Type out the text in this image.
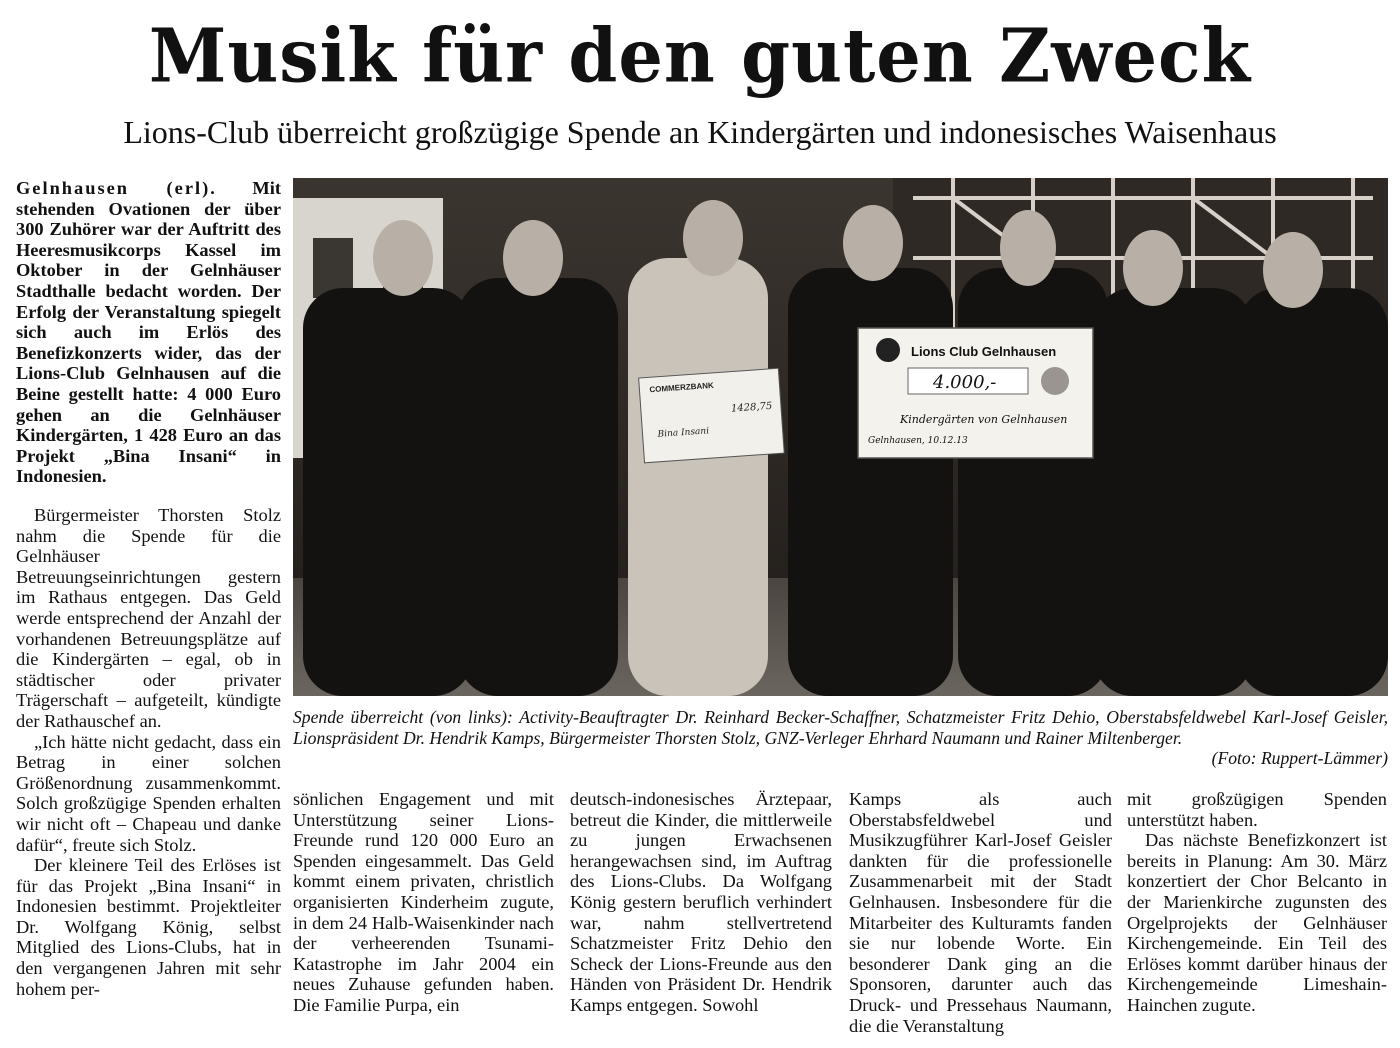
Musik für den guten Zweck
Lions-Club überreicht großzügige Spende an Kindergärten und indonesisches Waisenhaus

Gelnhausen (erl). Mit stehenden Ovationen der über 300 Zuhörer war der Auftritt des Heeresmusikcorps Kassel im Oktober in der Gelnhäuser Stadthalle bedacht worden. Der Erfolg der Veranstaltung spiegelt sich auch im Erlös des Benefizkonzerts wider, das der Lions-Club Gelnhausen auf die Beine gestellt hatte: 4 000 Euro gehen an die Gelnhäuser Kindergärten, 1 428 Euro an das Projekt „Bina Insani“ in Indonesien.

Bürgermeister Thorsten Stolz nahm die Spende für die Gelnhäuser Betreuungseinrichtungen gestern im Rathaus entgegen. Das Geld werde entsprechend der Anzahl der vorhandenen Betreuungsplätze auf die Kindergärten – egal, ob in städtischer oder privater Trägerschaft – aufgeteilt, kündigte der Rathauschef an.

„Ich hätte nicht gedacht, dass ein Betrag in einer solchen Größenordnung zusammenkommt. Solch großzügige Spenden erhalten wir nicht oft – Chapeau und danke dafür“, freute sich Stolz.

Der kleinere Teil des Erlöses ist für das Projekt „Bina Insani“ in Indonesien bestimmt. Projektleiter Dr. Wolfgang König, selbst Mitglied des Lions-Clubs, hat in den vergangenen Jahren mit sehr hohem per-

COMMERZBANK
1428,75
Bina Insani
Lions Club Gelnhausen
4.000,-
Kindergärten von Gelnhausen
Gelnhausen, 10.12.13
Spende überreicht (von links): Activity-Beauftragter Dr. Reinhard Becker-Schaffner, Schatzmeister Fritz Dehio, Oberstabsfeldwebel Karl-Josef Geisler, Lionspräsident Dr. Hendrik Kamps, Bürgermeister Thorsten Stolz, GNZ-Verleger Ehrhard Naumann und Rainer Miltenberger.
(Foto: Ruppert-Lämmer)

sönlichen Engagement und mit Unterstützung seiner Lions-Freunde rund 120 000 Euro an Spenden eingesammelt. Das Geld kommt einem privaten, christlich organisierten Kinderheim zugute, in dem 24 Halb-Waisenkinder nach der verheerenden Tsunami-Katastrophe im Jahr 2004 ein neues Zuhause gefunden haben. Die Familie Purpa, ein

deutsch-indonesisches Ärztepaar, betreut die Kinder, die mittlerweile zu jungen Erwachsenen herangewachsen sind, im Auftrag des Lions-Clubs. Da Wolfgang König gestern beruflich verhindert war, nahm stellvertretend Schatzmeister Fritz Dehio den Scheck der Lions-Freunde aus den Händen von Präsident Dr. Hendrik Kamps entgegen. Sowohl

Kamps als auch Oberstabsfeldwebel und Musikzugführer Karl-Josef Geisler dankten für die professionelle Zusammenarbeit mit der Stadt Gelnhausen. Insbesondere für die Mitarbeiter des Kulturamts fanden sie nur lobende Worte. Ein besonderer Dank ging an die Sponsoren, darunter auch das Druck- und Pressehaus Naumann, die die Veranstaltung

mit großzügigen Spenden unterstützt haben.

Das nächste Benefizkonzert ist bereits in Planung: Am 30. März konzertiert der Chor Belcanto in der Marienkirche zugunsten des Orgelprojekts der Gelnhäuser Kirchengemeinde. Ein Teil des Erlöses kommt darüber hinaus der Kirchengemeinde Limeshain-Hainchen zugute.
